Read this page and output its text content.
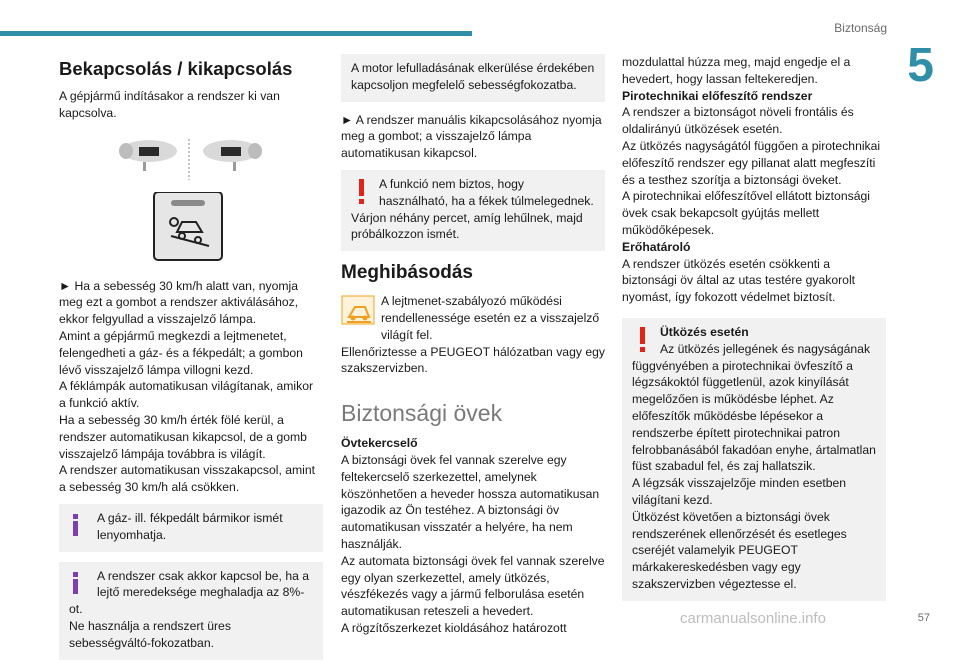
Biztonság
5
Bekapcsolás / kikapcsolás

A gépjármű indításakor a rendszer ki van kapcsolva.

► Ha a sebesség 30 km/h alatt van, nyomja meg ezt a gombot a rendszer aktiválásához, ekkor felgyullad a visszajelző lámpa.

Amint a gépjármű megkezdi a lejtmenetet, felengedheti a gáz- és a fékpedált; a gombon lévő visszajelző lámpa villogni kezd.

A féklámpák automatikusan világítanak, amikor a funkció aktív.

Ha a sebesség 30 km/h érték fölé kerül, a rendszer automatikusan kikapcsol, de a gomb visszajelző lámpája továbbra is világít.

A rendszer automatikusan visszakapcsol, amint a sebesség 30 km/h alá csökken.

A gáz- ill. fékpedált bármikor ismét lenyomhatja.

A rendszer csak akkor kapcsol be, ha a lejtő meredeksége meghaladja az 8%-ot.

Ne használja a rendszert üres sebességváltó-fokozatban.

A motor lefulladásának elkerülése érdekében kapcsoljon megfelelő sebességfokozatba.

► A rendszer manuális kikapcsolásához nyomja meg a gombot; a visszajelző lámpa automatikusan kikapcsol.

A funkció nem biztos, hogy használható, ha a fékek túlmelegednek. Várjon néhány percet, amíg lehűlnek, majd próbálkozzon ismét.

Meghibásodás

A lejtmenet-szabályozó működési rendellenessége esetén ez a visszajelző világít fel.

Ellenőriztesse a PEUGEOT hálózatban vagy egy szakszervizben.

Biztonsági övek

Övtekercselő

A biztonsági övek fel vannak szerelve egy feltekercselő szerkezettel, amelynek köszönhetően a heveder hossza automatikusan igazodik az Ön testéhez. A biztonsági öv automatikusan visszatér a helyére, ha nem használják.

Az automata biztonsági övek fel vannak szerelve egy olyan szerkezettel, amely ütközés, vészfékezés vagy a jármű felborulása esetén automatikusan reteszeli a hevedert.

A rögzítőszerkezet kioldásához határozott

mozdulattal húzza meg, majd engedje el a hevedert, hogy lassan feltekeredjen.

Pirotechnikai előfeszítő rendszer

A rendszer a biztonságot növeli frontális és oldalirányú ütközések esetén.

Az ütközés nagyságától függően a pirotechnikai előfeszítő rendszer egy pillanat alatt megfeszíti és a testhez szorítja a biztonsági öveket.

A pirotechnikai előfeszítővel ellátott biztonsági övek csak bekapcsolt gyújtás mellett működőképesek.

Erőhatároló

A rendszer ütközés esetén csökkenti a biztonsági öv által az utas testére gyakorolt nyomást, így fokozott védelmet biztosít.

Ütközés esetén

Az ütközés jellegének és nagyságának függvényében a pirotechnikai övfeszítő a légzsákoktól függetlenül, azok kinyílását megelőzően is működésbe léphet. Az előfeszítők működésbe lépésekor a rendszerbe épített pirotechnikai patron felrobbanásából fakadóan enyhe, ártalmatlan füst szabadul fel, és zaj hallatszik.

A légzsák visszajelzője minden esetben világítani kezd.

Ütközést követően a biztonsági övek rendszerének ellenőrzését és esetleges cseréjét valamelyik PEUGEOT márkakereskedésben vagy egy szakszervizben végeztesse el.

carmanualsonline.info	57
